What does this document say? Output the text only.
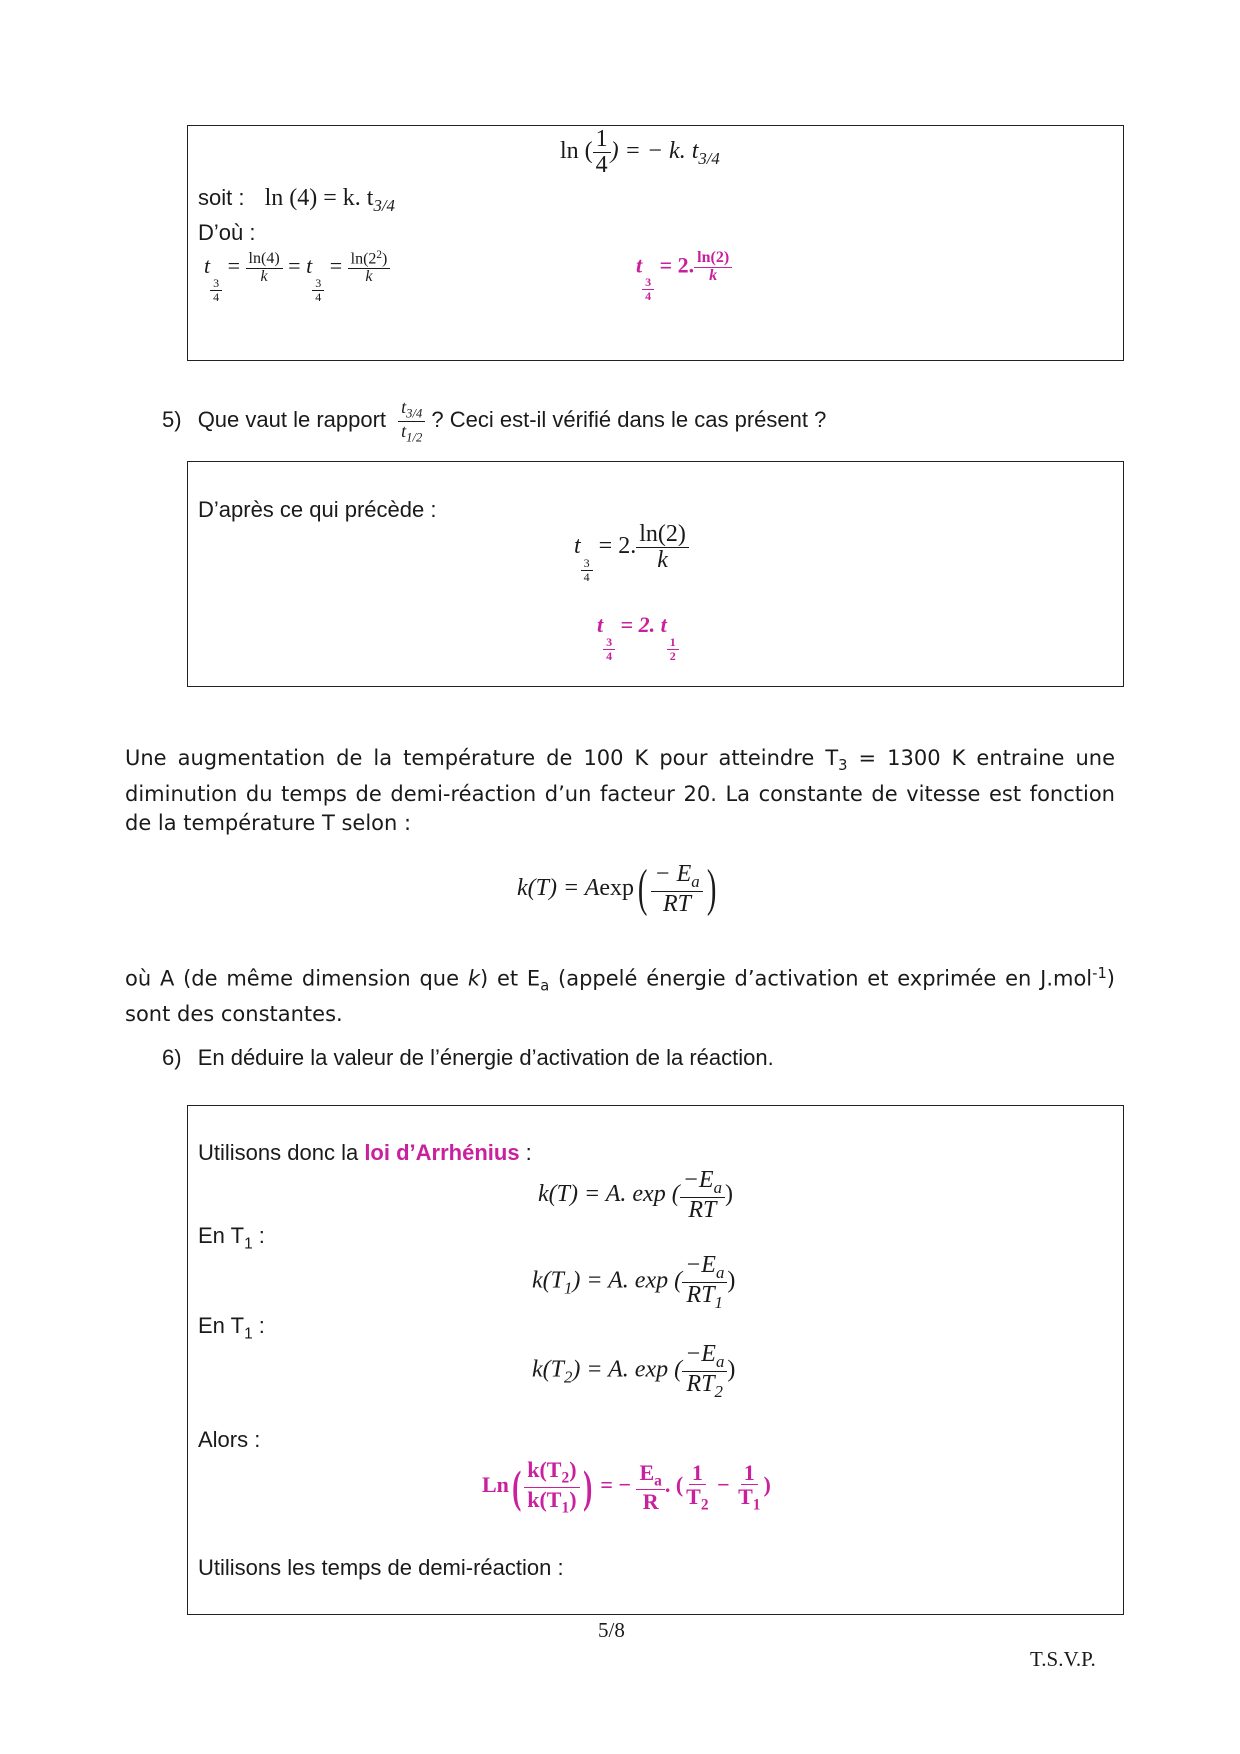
ln ( $\frac{1}{4}$ ) = − k. $t_{3/4}$
soit : ln (4) = k. $t_{3/4}$
D’où :
t
$\frac{3}{4}$
= $\frac{\ln(4)}{k} = t$
$\frac{3}{4}$
= $\frac{\ln(2^2)}{k}$	t
$\frac{3}{4}$
= 2. $\frac{\ln(2)}{k}$
5) Que vaut le rapport $\frac{t_{3/4}}{t_{1/2}}$ ? Ceci est-il vérifié dans le cas présent ?
D’après ce qui précède :
t
$\frac{3}{4}$
= 2. $\frac{\ln(2)}{k}$
t
$\frac{3}{4}$
= 2. t
$\frac{1}{2}$

Une augmentation de la température de 100 K pour atteindre $T_3 = 1300$ K entraine une

diminution du temps de demi-réaction d’un facteur 20. La constante de vitesse est fonction

de la température T selon :

$k(T) = Aexp( \frac{- E_a}{RT}$ )

où A (de même dimension que k) et $E_a$ (appelé énergie d’activation et exprimée en J.mol$^{-1}$)

sont des constantes.

6) En déduire la valeur de l’énergie d’activation de la réaction.
Utilisons donc la loi d’Arrhénius :
k(T) = A. exp ( $\frac{-E_a}{RT}$ )
En $T_1$ :
$k(T_1) = A$. exp ( $\frac{-E_a}{RT_1}$ )
En $T_1$ :
$k(T_2) = A$. exp ( $\frac{-E_a}{RT_2}$ )
Alors :
$Ln( \frac{k(T_2)}{k(T_1)}$ ) = − $\frac{E_a}{R}$ . ( $\frac{1}{T_2} - \frac{1}{T_1}$ )
Utilisons les temps de demi-réaction :
5/8
T.S.V.P.
